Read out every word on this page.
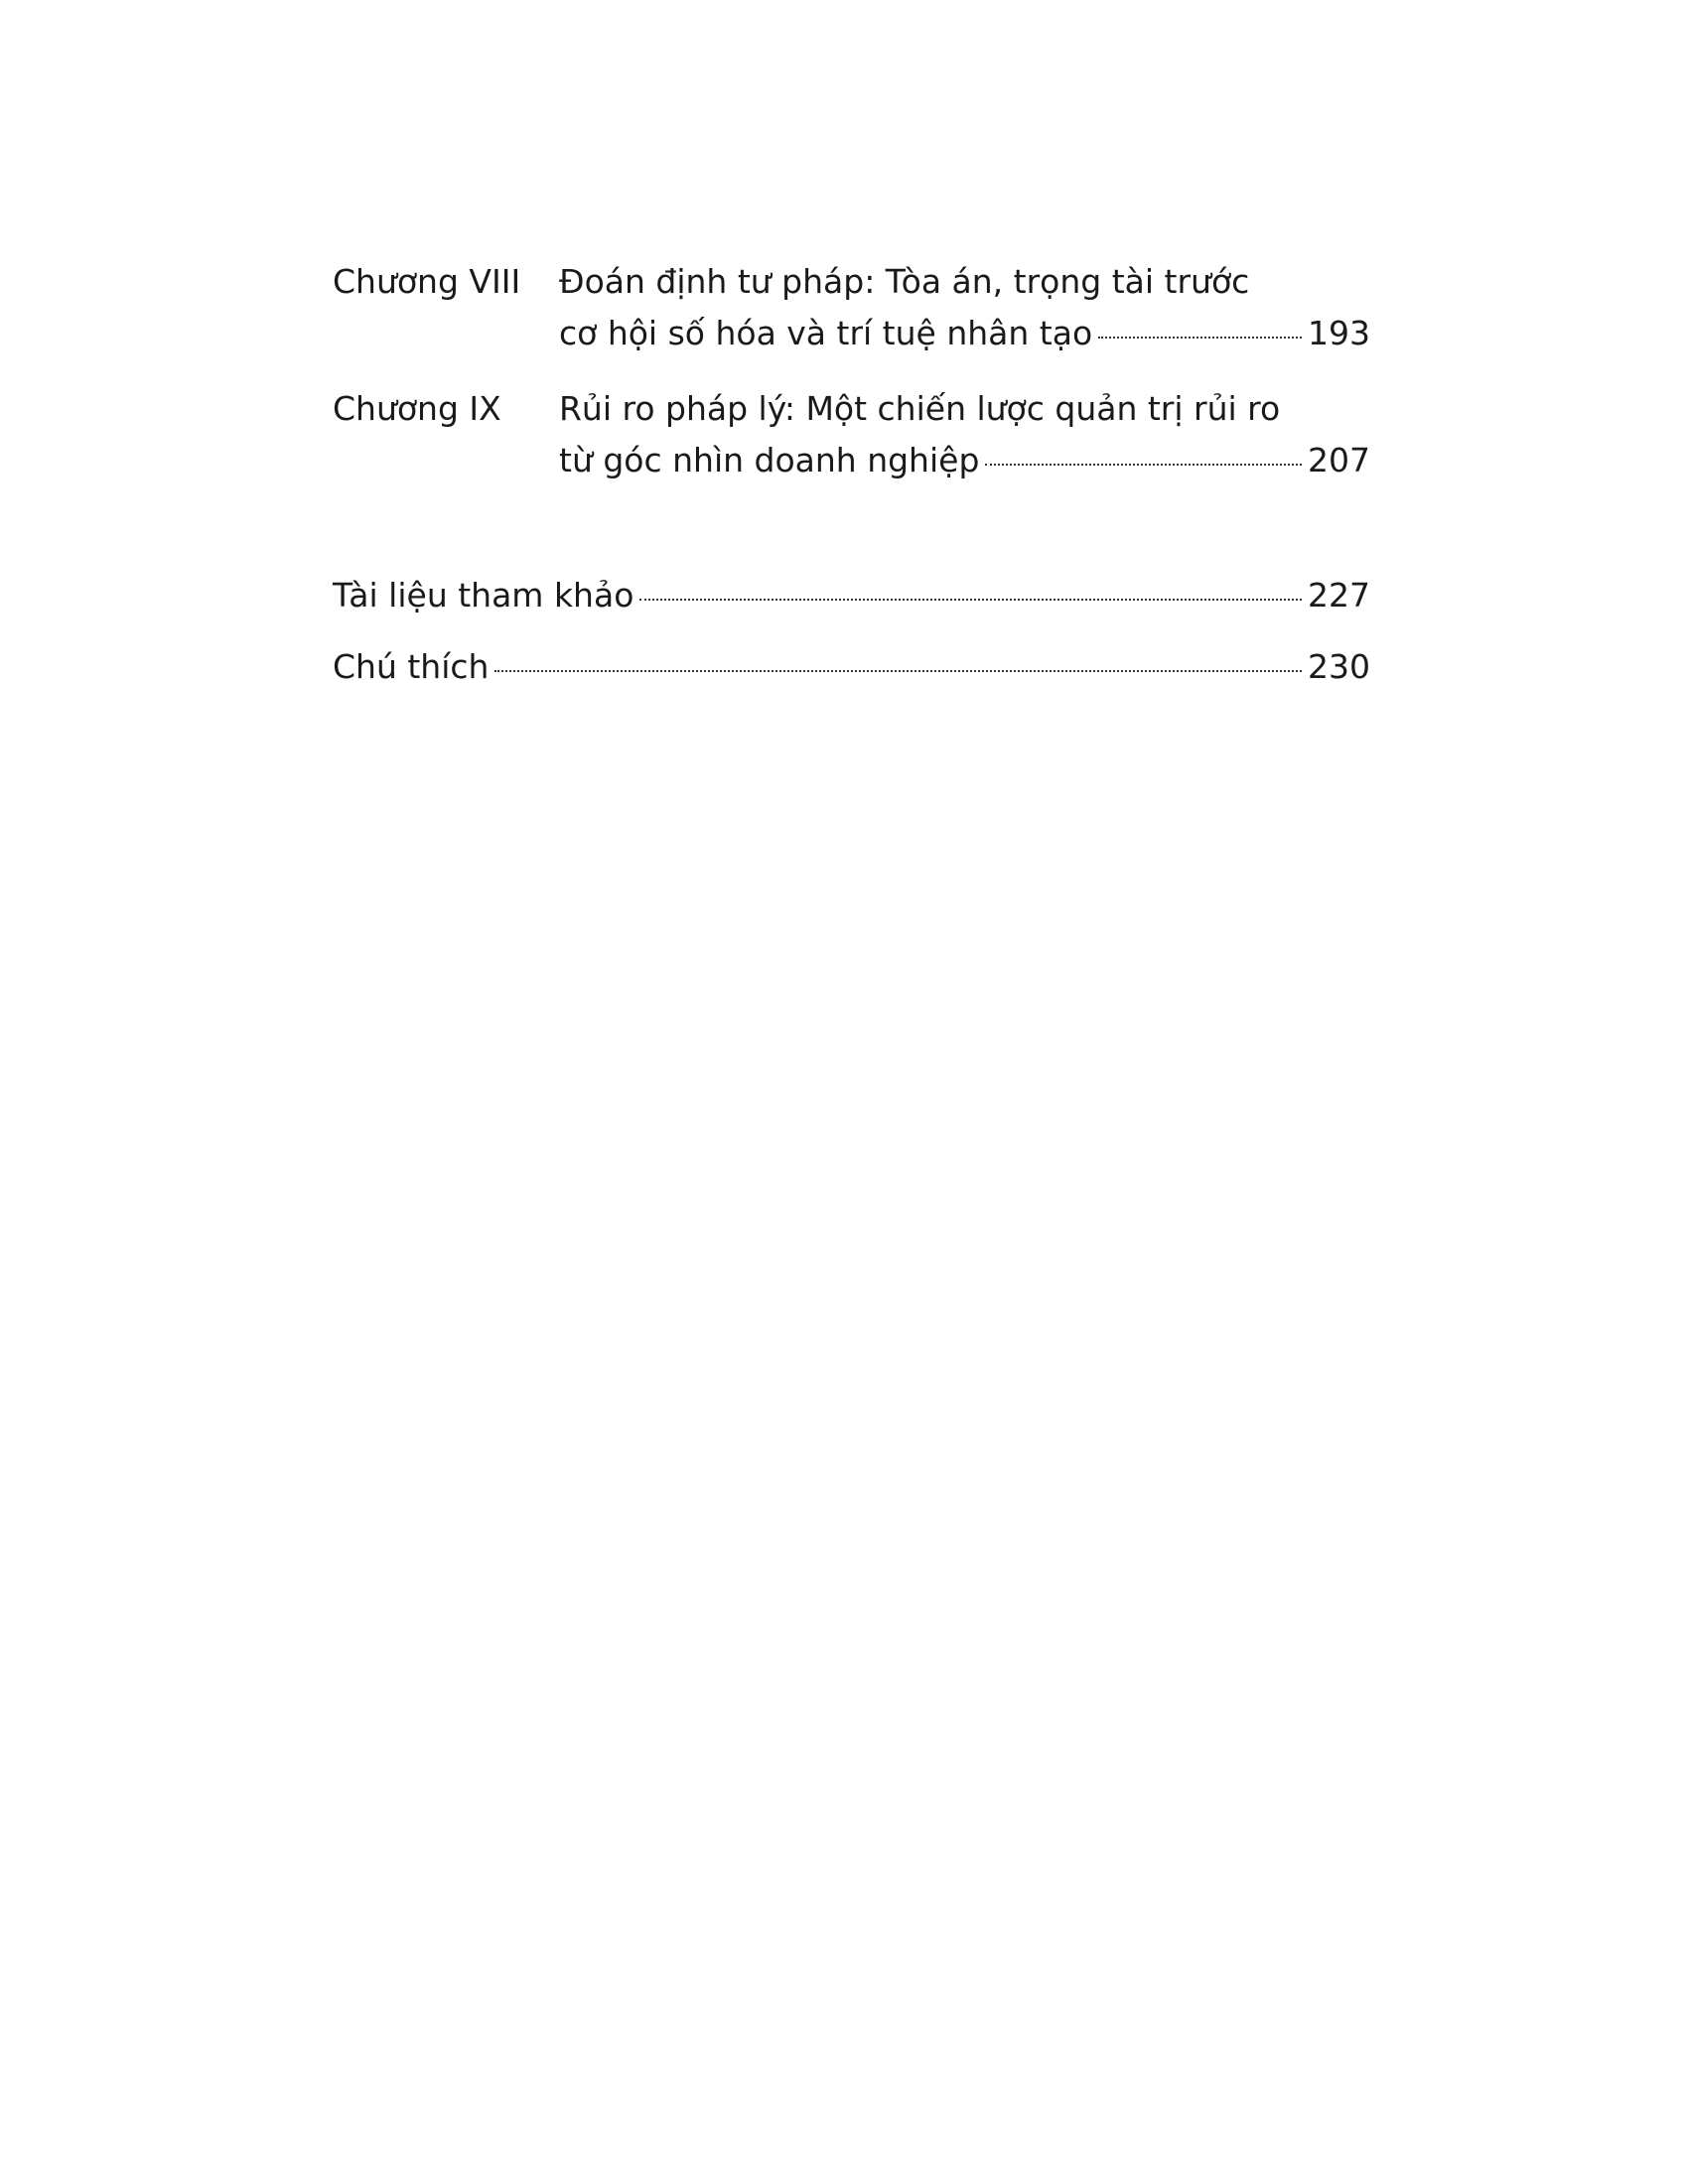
Chương VIII Đoán định tư pháp: Tòa án, trọng tài trước
cơ hội số hóa và trí tuệ nhân tạo	193
Chương IX Rủi ro pháp lý: Một chiến lược quản trị rủi ro
từ góc nhìn doanh nghiệp	207
Tài liệu tham khảo	227
Chú thích	230
